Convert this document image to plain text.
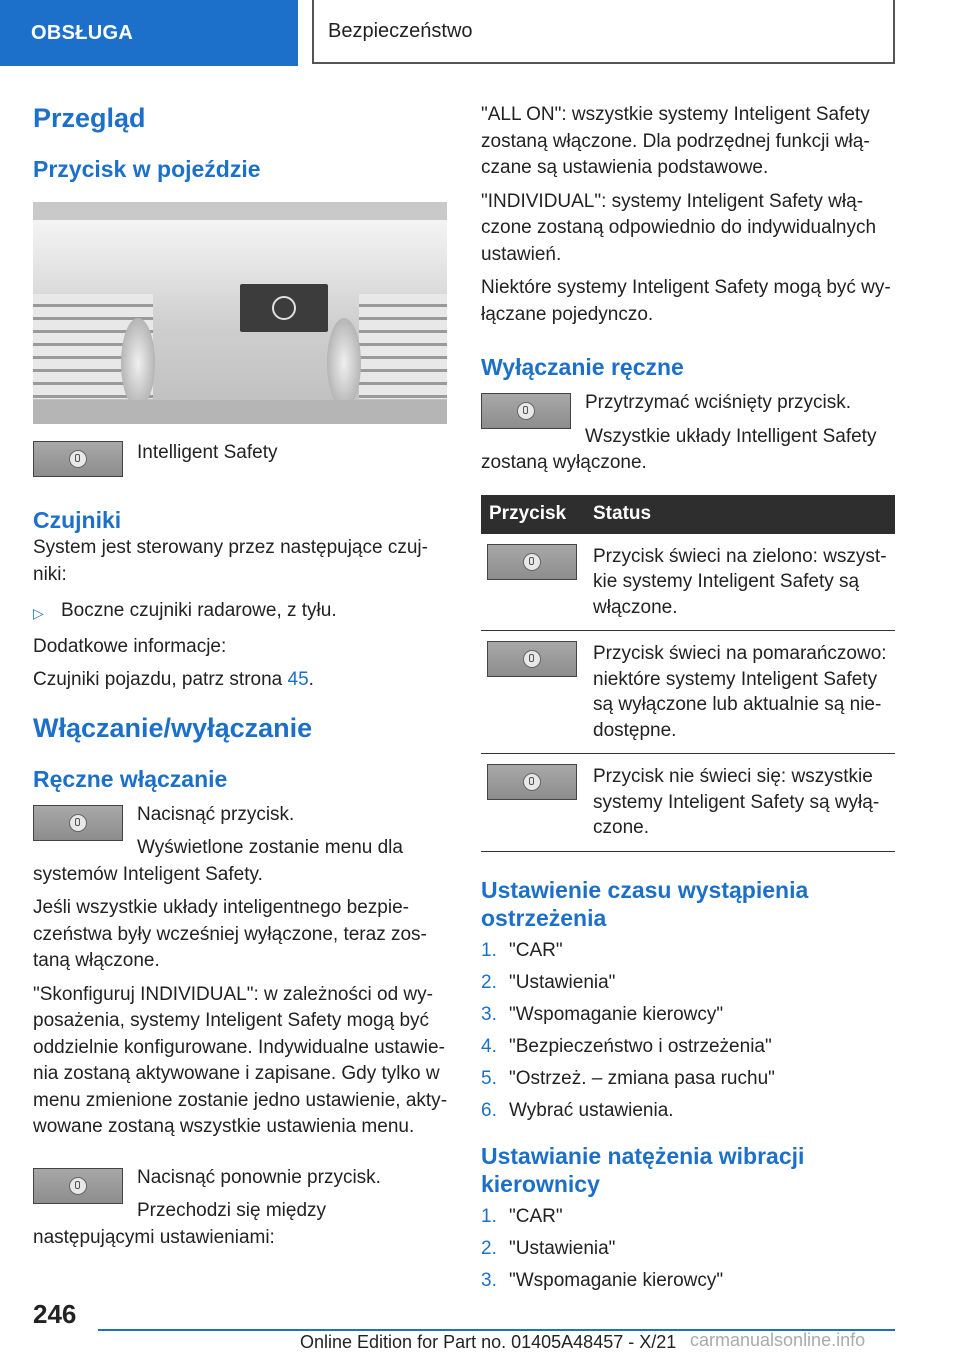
OBSŁUGA	Bezpieczeństwo
Przegląd
Przycisk w pojeździe

Intelligent Safety

Czujniki

System jest sterowany przez następujące czujniki:

▷ Boczne czujniki radarowe, z tyłu.

Dodatkowe informacje:

Czujniki pojazdu, patrz strona 45.

Włączanie/wyłączanie
Ręczne włączanie

Nacisnąć przycisk.

Wyświetlone zostanie menu dla systemów Inteligent Safety.

Jeśli wszystkie układy inteligentnego bezpieczeństwa były wcześniej wyłączone, teraz zostaną włączone.

"Skonfiguruj INDIVIDUAL": w zależności od wyposażenia, systemy Inteligent Safety mogą być oddzielnie konfigurowane. Indywidualne ustawienia zostaną aktywowane i zapisane. Gdy tylko w menu zmienione zostanie jedno ustawienie, aktywowane zostaną wszystkie ustawienia menu.

Nacisnąć ponownie przycisk.

Przechodzi się między następującymi ustawieniami:

"ALL ON": wszystkie systemy Inteligent Safety zostaną włączone. Dla podrzędnej funkcji włączane są ustawienia podstawowe.

"INDIVIDUAL": systemy Inteligent Safety włączone zostaną odpowiednio do indywidualnych ustawień.

Niektóre systemy Inteligent Safety mogą być wyłączane pojedynczo.

Wyłączanie ręczne

Przytrzymać wciśnięty przycisk.

Wszystkie układy Intelligent Safety zostaną wyłączone.

Przycisk	Status

	Przycisk świeci na zielono: wszystkie systemy Inteligent Safety są włączone.

	Przycisk świeci na pomarańczowo: niektóre systemy Inteligent Safety są wyłączone lub aktualnie są niedostępne.

	Przycisk nie świeci się: wszystkie systemy Inteligent Safety są wyłączone.
Ustawienie czasu wystąpienia ostrzeżenia
1. "CAR"
2. "Ustawienia"
3. "Wspomaganie kierowcy"
4. "Bezpieczeństwo i ostrzeżenia"
5. "Ostrzeż. – zmiana pasa ruchu"
6. Wybrać ustawienia.
Ustawianie natężenia wibracji kierownicy
1. "CAR"
2. "Ustawienia"
3. "Wspomaganie kierowcy"
246
Online Edition for Part no. 01405A48457 - X/21 carmanualsonline.info
